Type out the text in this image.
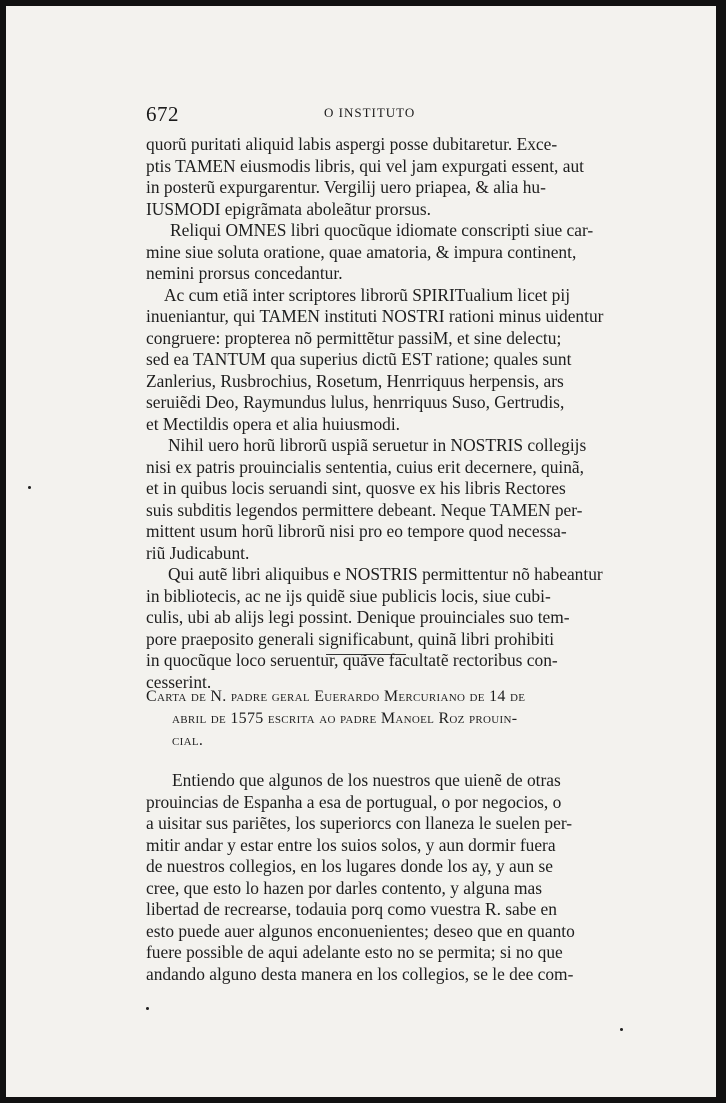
672	O INSTITUTO
quorũ puritati aliquid labis aspergi posse dubitaretur. Exce-
ptis TAMEN eiusmodis libris, qui vel jam expurgati essent, aut
in posterũ expurgarentur. Vergilij uero priapea, & alia hu-
IUSMODI epigrãmata aboleãtur prorsus.
Reliqui OMNES libri quocũque idiomate conscripti siue car-
mine siue soluta oratione, quae amatoria, & impura continent,
nemini prorsus concedantur.
Ac cum etiã inter scriptores librorũ SPIRITualium licet pij
inueniantur, qui TAMEN instituti NOSTRI rationi minus uidentur
congruere: propterea nõ permittẽtur passiM, et sine delectu;
sed ea TANTUM qua superius dictũ EST ratione; quales sunt
Zanlerius, Rusbrochius, Rosetum, Henrriquus herpensis, ars
seruiẽdi Deo, Raymundus lulus, henrriquus Suso, Gertrudis,
et Mectildis opera et alia huiusmodi.
Nihil uero horũ librorũ uspiã seruetur in NOSTRIS collegijs
nisi ex patris prouincialis sententia, cuius erit decernere, quinã,
et in quibus locis seruandi sint, quosve ex his libris Rectores
suis subditis legendos permittere debeant. Neque TAMEN per-
mittent usum horũ librorũ nisi pro eo tempore quod necessa-
riũ Judicabunt.
Qui autẽ libri aliquibus e NOSTRIS permittentur nõ habeantur
in bibliotecis, ac ne ijs quidẽ siue publicis locis, siue cubi-
culis, ubi ab alijs legi possint. Denique prouinciales suo tem-
pore praeposito generali significabunt, quinã libri prohibiti
in quocũque loco seruentur, quãve facultatẽ rectoribus con-
cesserint.
Carta de N. padre geral Euerardo Mercuriano de 14 de
abril de 1575 escrita ao padre Manoel Roz prouin-
cial.
Entiendo que algunos de los nuestros que uienẽ de otras
prouincias de Espanha a esa de portugual, o por negocios, o
a uisitar sus pariẽtes, los superiorcs con llaneza le suelen per-
mitir andar y estar entre los suios solos, y aun dormir fuera
de nuestros collegios, en los lugares donde los ay, y aun se
cree, que esto lo hazen por darles contento, y alguna mas
libertad de recrearse, todauia porq como vuestra R. sabe en
esto puede auer algunos enconuenientes; deseo que en quanto
fuere possible de aqui adelante esto no se permita; si no que
andando alguno desta manera en los collegios, se le dee com-
